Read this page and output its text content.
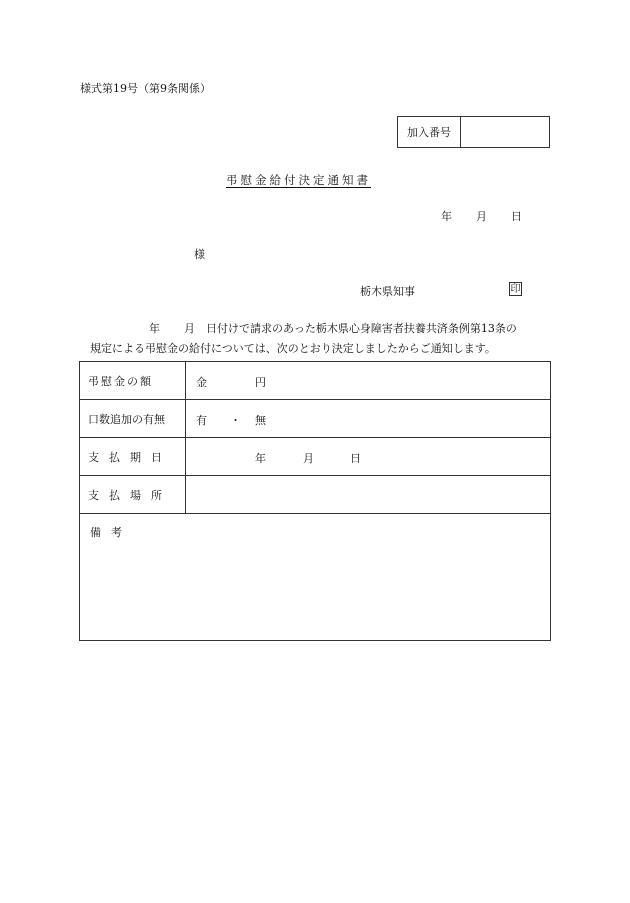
様式第19号（第9条関係）
加入番号
弔慰金給付決定通知書
年 月 日
様
栃木県知事	印
年 月 日付けで請求のあった栃木県心身障害者扶養共済条例第13条の
規定による弔慰金の給付については、次のとおり決定しましたからご通知します。
弔慰金の額	金 円

口数追加の有無	有 ・ 無

支払期日	年 月 日

支払場所	
備考	
